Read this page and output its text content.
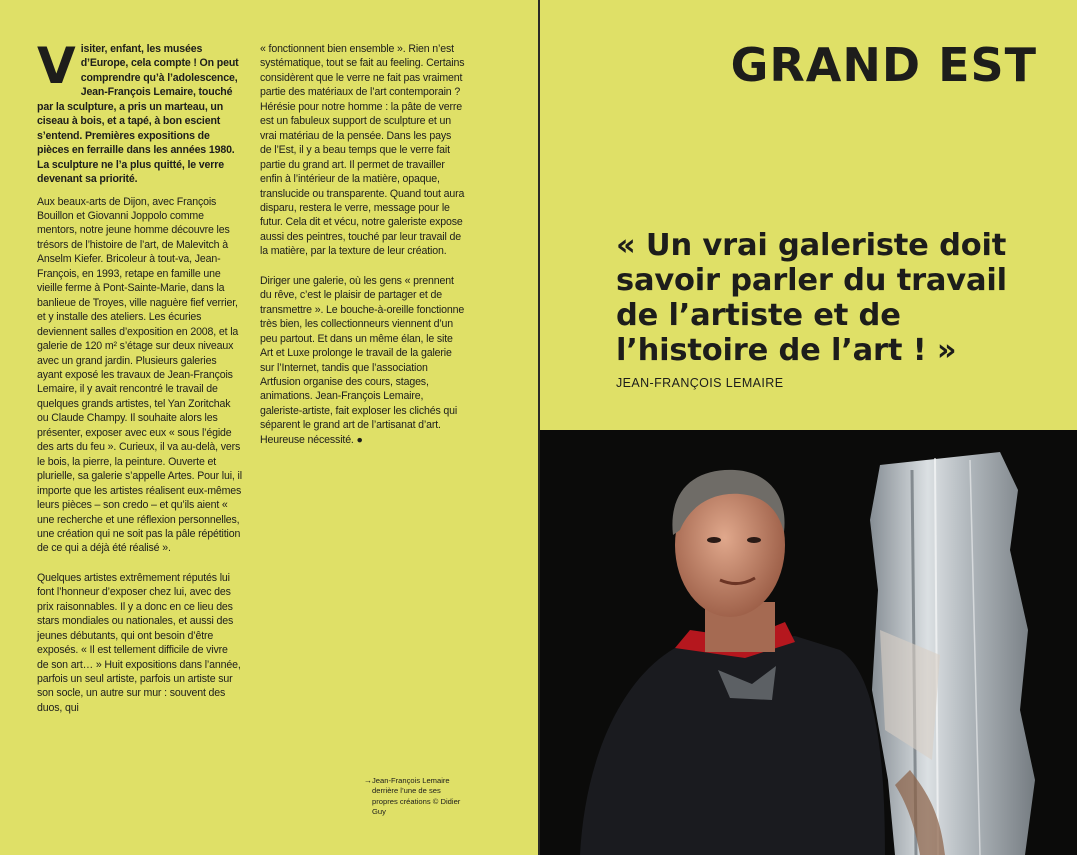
Visiter, enfant, les musées d’Europe, cela compte ! On peut comprendre qu’à l’adolescence, Jean-François Lemaire, touché par la sculpture, a pris un marteau, un ciseau à bois, et a tapé, à bon escient s’entend. Premières expositions de pièces en ferraille dans les années 1980. La sculpture ne l’a plus quitté, le verre devenant sa priorité.

Aux beaux-arts de Dijon, avec François Bouillon et Giovanni Joppolo comme mentors, notre jeune homme découvre les trésors de l’histoire de l’art, de Malevitch à Anselm Kiefer. Bricoleur à tout-va, Jean-François, en 1993, retape en famille une vieille ferme à Pont-Sainte-Marie, dans la banlieue de Troyes, ville naguère fief verrier, et y installe des ateliers. Les écuries deviennent salles d’exposition en 2008, et la galerie de 120 m² s’étage sur deux niveaux avec un grand jardin. Plusieurs galeries ayant exposé les travaux de Jean-François Lemaire, il y avait rencontré le travail de quelques grands artistes, tel Yan Zoritchak ou Claude Champy. Il souhaite alors les présenter, exposer avec eux « sous l’égide des arts du feu ». Curieux, il va au-delà, vers le bois, la pierre, la peinture. Ouverte et plurielle, sa galerie s’appelle Artes. Pour lui, il importe que les artistes réalisent eux-mêmes leurs pièces – son credo – et qu’ils aient « une recherche et une réflexion personnelles, une création qui ne soit pas la pâle répétition de ce qui a déjà été réalisé ».

Quelques artistes extrêmement réputés lui font l’honneur d’exposer chez lui, avec des prix raisonnables. Il y a donc en ce lieu des stars mondiales ou nationales, et aussi des jeunes débutants, qui ont besoin d’être exposés. « Il est tellement difficile de vivre de son art… » Huit expositions dans l’année, parfois un seul artiste, parfois un artiste sur son socle, un autre sur mur : souvent des duos, qui

« fonctionnent bien ensemble ». Rien n’est systématique, tout se fait au feeling. Certains considèrent que le verre ne fait pas vraiment partie des matériaux de l’art contemporain ? Hérésie pour notre homme : la pâte de verre est un fabuleux support de sculpture et un vrai matériau de la pensée. Dans les pays de l’Est, il y a beau temps que le verre fait partie du grand art. Il permet de travailler enfin à l’intérieur de la matière, opaque, translucide ou transparente. Quand tout aura disparu, restera le verre, message pour le futur. Cela dit et vécu, notre galeriste expose aussi des peintres, touché par leur travail de la matière, par la texture de leur création.

Diriger une galerie, où les gens « prennent du rêve, c’est le plaisir de partager et de transmettre ». Le bouche-à-oreille fonctionne très bien, les collectionneurs viennent d’un peu partout. Et dans un même élan, le site Art et Luxe prolonge le travail de la galerie sur l’Internet, tandis que l’association Artfusion organise des cours, stages, animations. Jean-François Lemaire, galeriste-artiste, fait exploser les clichés qui séparent le grand art de l’artisanat d’art. Heureuse nécessité. ●

→ Jean-François Lemaire derrière l’une de ses propres créations © Didier Guy
GRAND EST

« Un vrai galeriste doit savoir parler du travail de l’artiste et de l’histoire de l’art ! »

JEAN-FRANÇOIS LEMAIRE
